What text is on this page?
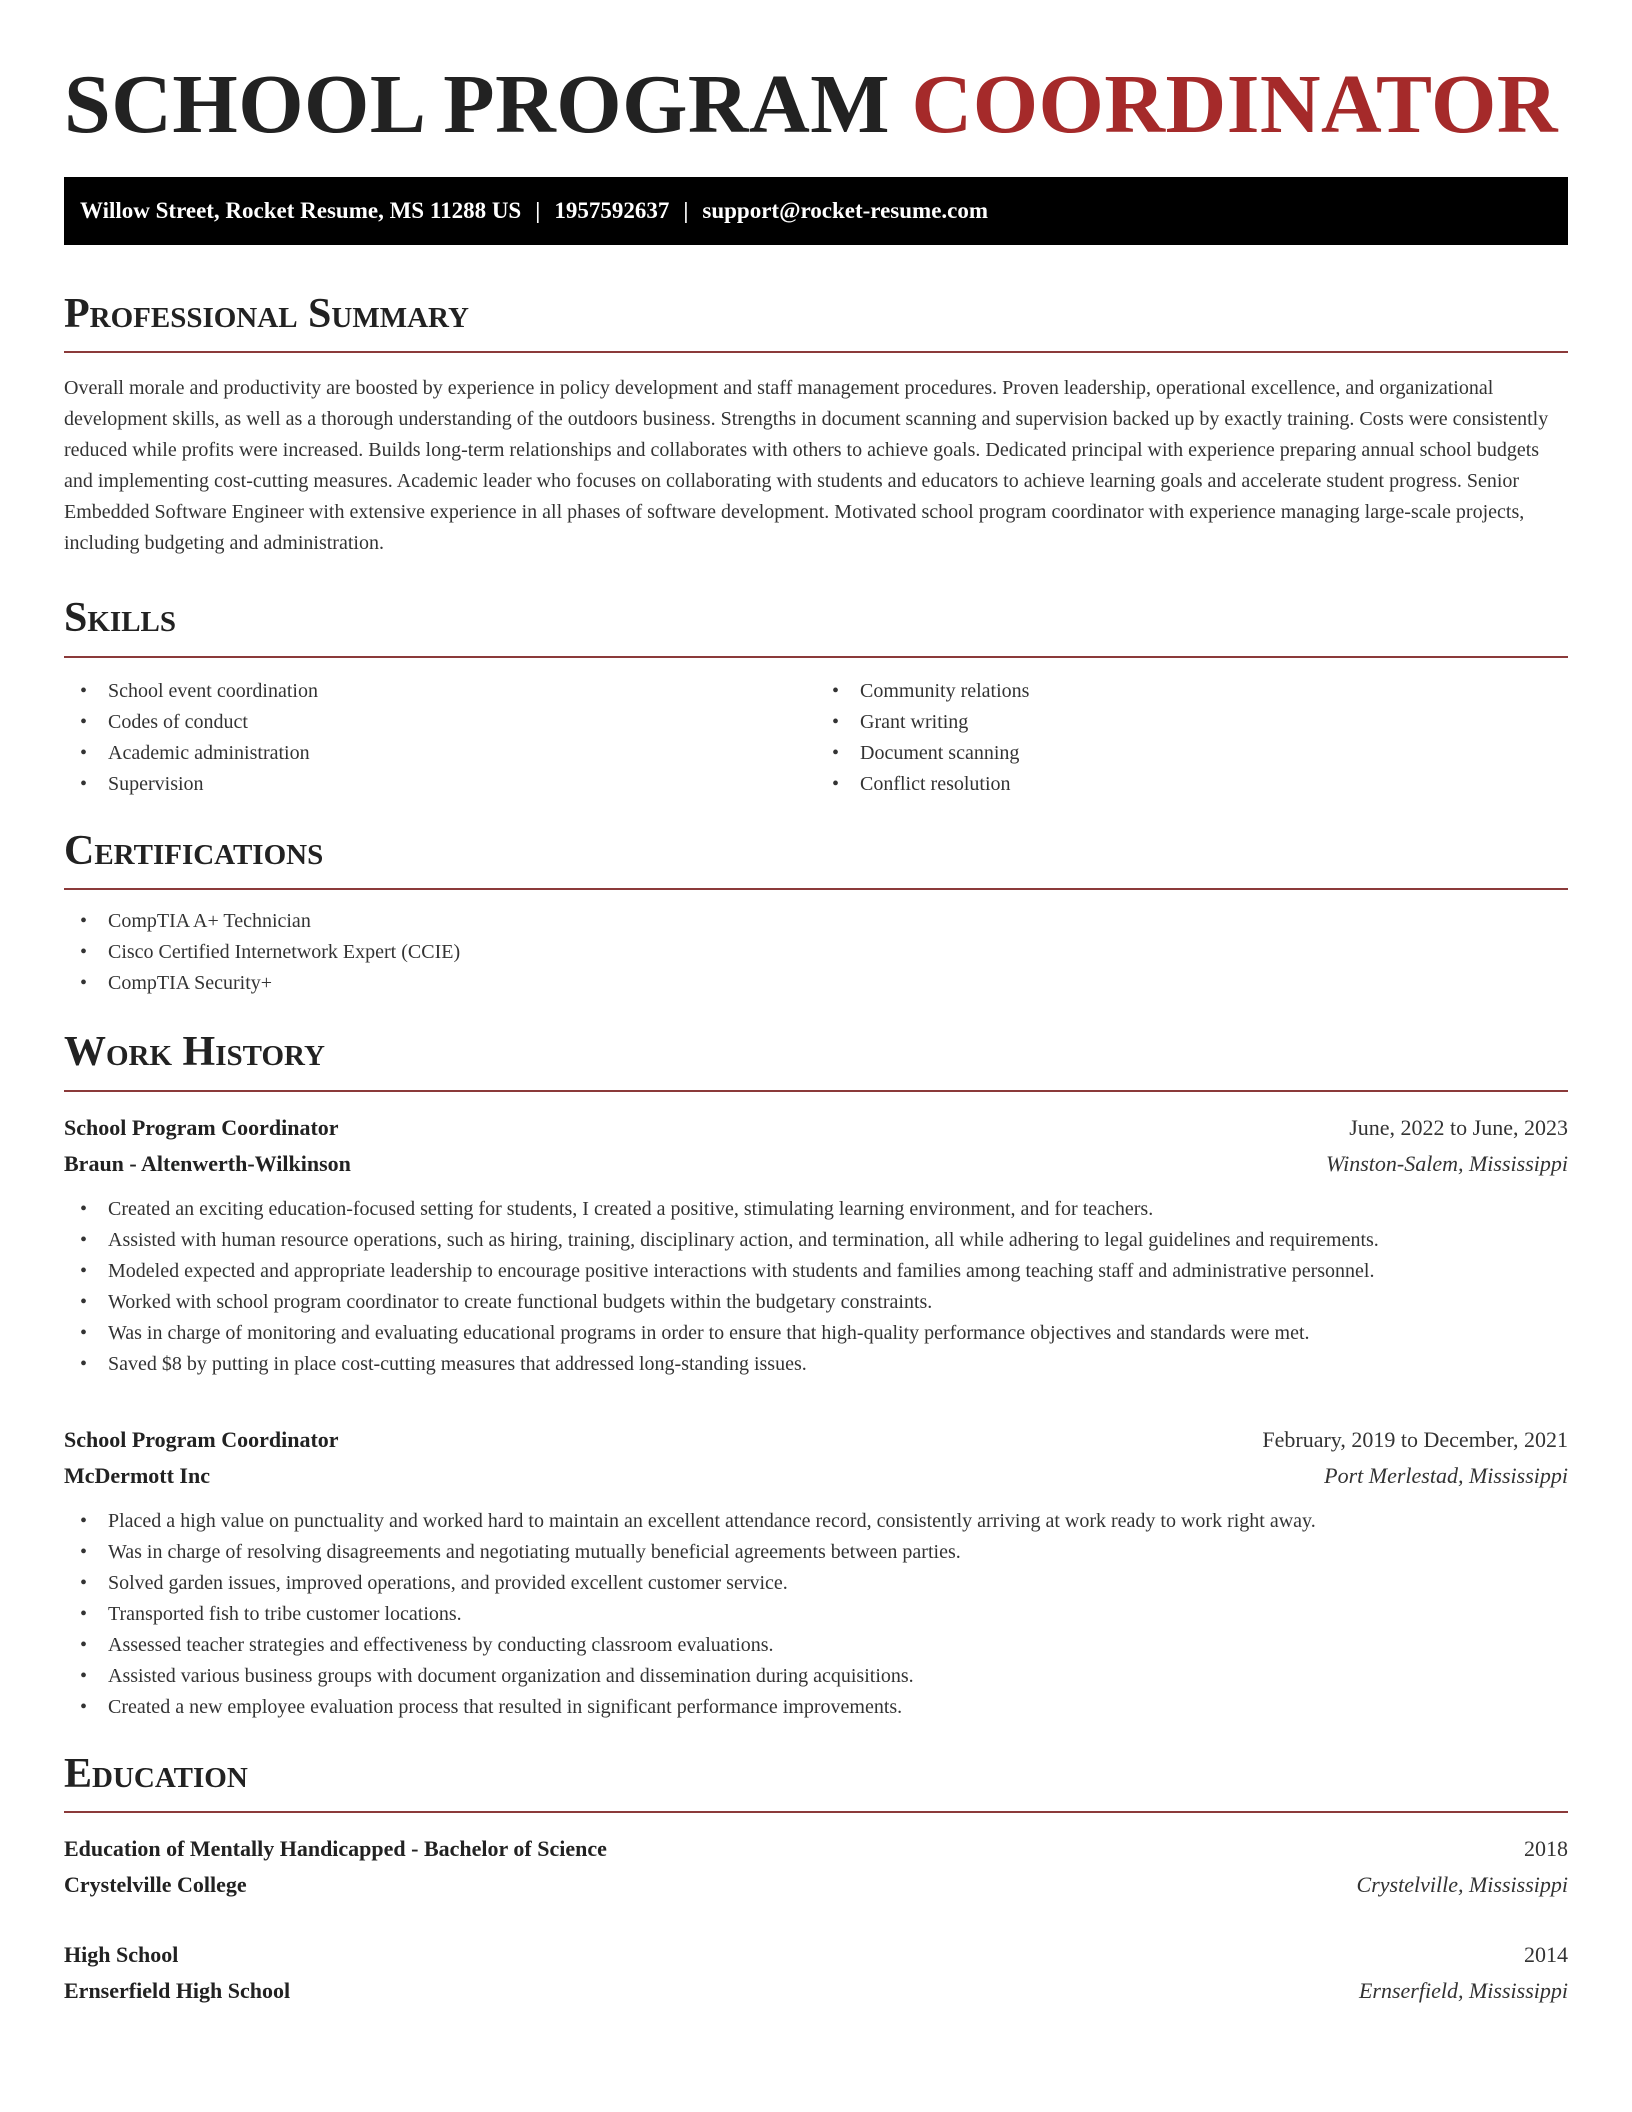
SCHOOL PROGRAM COORDINATOR
Willow Street, Rocket Resume, MS 11288 US | 1957592637 | support@rocket-resume.com
Professional Summary

Overall morale and productivity are boosted by experience in policy development and staff management procedures. Proven leadership, operational excellence, and organizational development skills, as well as a thorough understanding of the outdoors business. Strengths in document scanning and supervision backed up by exactly training. Costs were consistently reduced while profits were increased. Builds long-term relationships and collaborates with others to achieve goals. Dedicated principal with experience preparing annual school budgets and implementing cost-cutting measures. Academic leader who focuses on collaborating with students and educators to achieve learning goals and accelerate student progress. Senior Embedded Software Engineer with extensive experience in all phases of software development. Motivated school program coordinator with experience managing large-scale projects, including budgeting and administration.

Skills
• School event coordination
• Codes of conduct
• Academic administration
• Supervision
• Community relations
• Grant writing
• Document scanning
• Conflict resolution
Certifications
• CompTIA A+ Technician
• Cisco Certified Internetwork Expert (CCIE)
• CompTIA Security+
Work History
School Program Coordinator	June, 2022 to June, 2023
Braun - Altenwerth-Wilkinson	Winston-Salem, Mississippi
• Created an exciting education-focused setting for students, I created a positive, stimulating learning environment, and for teachers.
• Assisted with human resource operations, such as hiring, training, disciplinary action, and termination, all while adhering to legal guidelines and requirements.
• Modeled expected and appropriate leadership to encourage positive interactions with students and families among teaching staff and administrative personnel.
• Worked with school program coordinator to create functional budgets within the budgetary constraints.
• Was in charge of monitoring and evaluating educational programs in order to ensure that high-quality performance objectives and standards were met.
• Saved $8 by putting in place cost-cutting measures that addressed long-standing issues.
School Program Coordinator	February, 2019 to December, 2021
McDermott Inc	Port Merlestad, Mississippi
• Placed a high value on punctuality and worked hard to maintain an excellent attendance record, consistently arriving at work ready to work right away.
• Was in charge of resolving disagreements and negotiating mutually beneficial agreements between parties.
• Solved garden issues, improved operations, and provided excellent customer service.
• Transported fish to tribe customer locations.
• Assessed teacher strategies and effectiveness by conducting classroom evaluations.
• Assisted various business groups with document organization and dissemination during acquisitions.
• Created a new employee evaluation process that resulted in significant performance improvements.
Education
Education of Mentally Handicapped - Bachelor of Science	2018
Crystelville College	Crystelville, Mississippi
High School	2014
Ernserfield High School	Ernserfield, Mississippi
